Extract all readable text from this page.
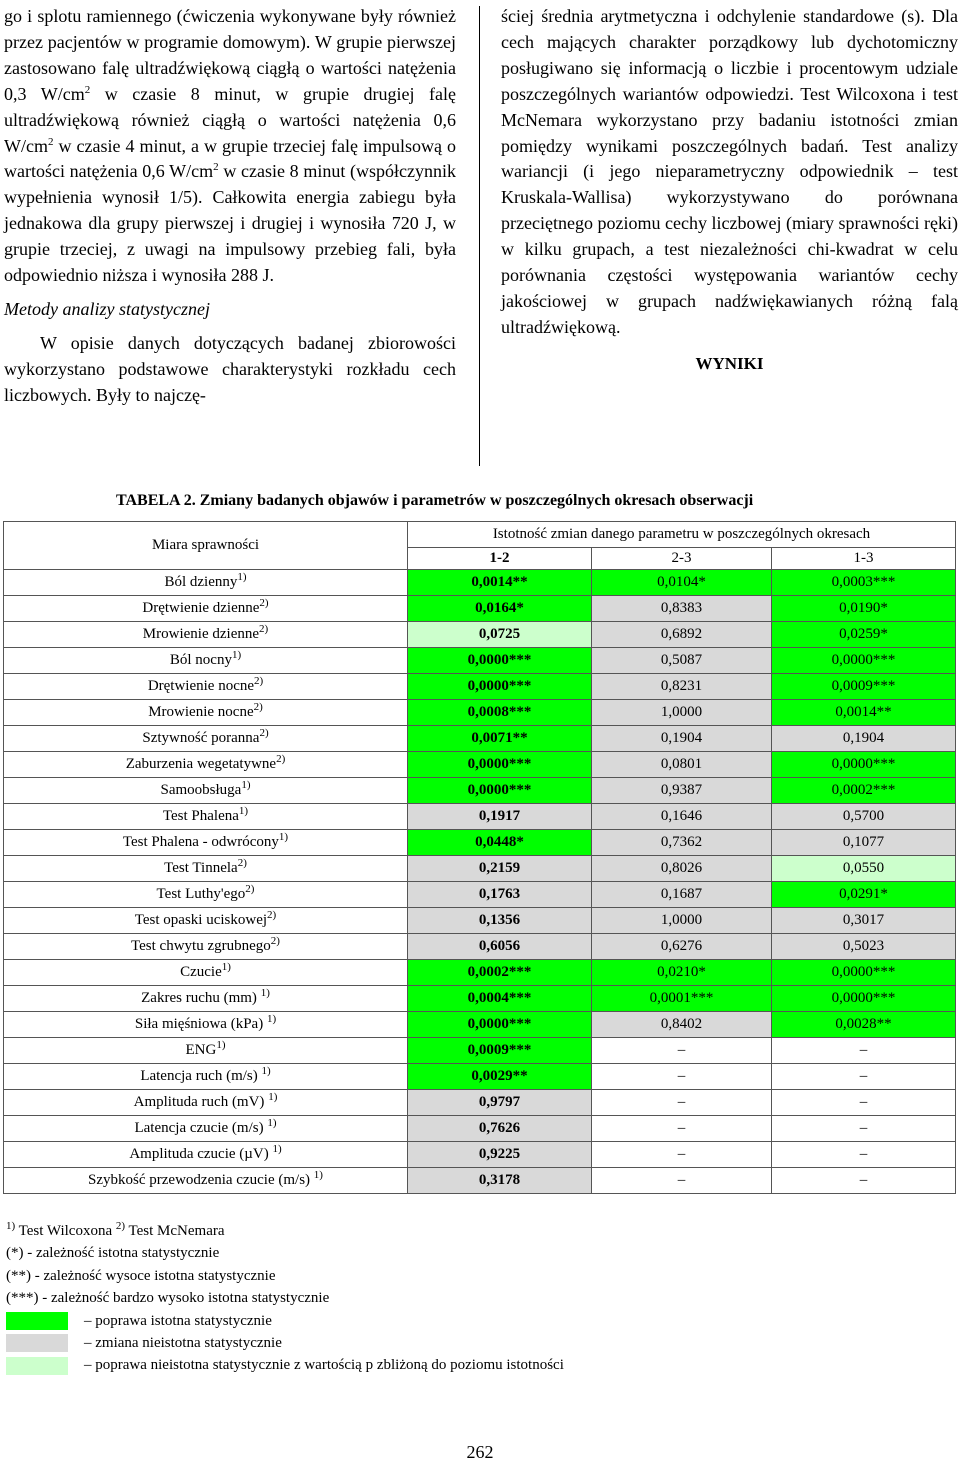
go i splotu ramiennego (ćwiczenia wykonywane były również przez pacjentów w programie domowym). W grupie pierwszej zastosowano falę ultradźwiękową ciągłą o wartości natężenia 0,3 $W/cm^2$ w czasie 8 minut, w grupie drugiej falę ultradźwiękową również ciągłą o wartości natężenia 0,6 $W/cm^2$ w czasie 4 minut, a w grupie trzeciej falę impulsową o wartości natężenia 0,6 $W/cm^2$ w czasie 8 minut (współczynnik wypełnienia wynosił 1/5). Całkowita energia zabiegu była jednakowa dla grupy pierwszej i drugiej i wynosiła 720 J, w grupie trzeciej, z uwagi na impulsowy przebieg fali, była odpowiednio niższa i wynosiła 288 J.

Metody analizy statystycznej

W opisie danych dotyczących badanej zbiorowości wykorzystano podstawowe charakterystyki rozkładu cech liczbowych. Były to najczę-

ściej średnia arytmetyczna i odchylenie standardowe (s). Dla cech mających charakter porządkowy lub dychotomiczny posługiwano się informacją o liczbie i procentowym udziale poszczególnych wariantów odpowiedzi. Test Wilcoxona i test McNemara wykorzystano przy badaniu istotności zmian pomiędzy wynikami poszczególnych badań. Test analizy wariancji (i jego nieparametryczny odpowiednik – test Kruskala-Wallisa) wykorzystywano do porównana przeciętnego poziomu cechy liczbowej (miary sprawności ręki) w kilku grupach, a test niezależności chi-kwadrat w celu porównania częstości występowania wariantów cechy jakościowej w grupach nadźwiękawianych różną falą ultradźwiękową.

WYNIKI

TABELA 2. Zmiany badanych objawów i parametrów w poszczególnych okresach obserwacji
Miara sprawności	Istotność zmian danego parametru w poszczególnych okresach		
	1-2	2-3	1-3
Ból dzienny$^{1)}$	0,0014**	0,0104*	0,0003***
Drętwienie dzienne$^{2)}$	0,0164*	0,8383	0,0190*
Mrowienie dzienne$^{2)}$	0,0725	0,6892	0,0259*
Ból nocny$^{1)}$	0,0000***	0,5087	0,0000***
Drętwienie nocne$^{2)}$	0,0000***	0,8231	0,0009***
Mrowienie nocne$^{2)}$	0,0008***	1,0000	0,0014**
Sztywność poranna$^{2)}$	0,0071**	0,1904	0,1904
Zaburzenia wegetatywne$^{2)}$	0,0000***	0,0801	0,0000***
Samoobsługa$^{1)}$	0,0000***	0,9387	0,0002***
Test Phalena$^{1)}$	0,1917	0,1646	0,5700
Test Phalena - odwrócony$^{1)}$	0,0448*	0,7362	0,1077
Test Tinnela$^{2)}$	0,2159	0,8026	0,0550
Test Luthy'ego$^{2)}$	0,1763	0,1687	0,0291*
Test opaski uciskowej$^{2)}$	0,1356	1,0000	0,3017
Test chwytu zgrubnego$^{2)}$	0,6056	0,6276	0,5023
Czucie$^{1)}$	0,0002***	0,0210*	0,0000***
Zakres ruchu (mm) $^{1)}$	0,0004***	0,0001***	0,0000***
Siła mięśniowa (kPa) $^{1)}$	0,0000***	0,8402	0,0028**
ENG$^{1)}$	0,0009***	–	–
Latencja ruch (m/s) $^{1)}$	0,0029**	–	–
Amplituda ruch (mV) $^{1)}$	0,9797	–	–
Latencja czucie (m/s) $^{1)}$	0,7626	–	–
Amplituda czucie (µV) $^{1)}$	0,9225	–	–
Szybkość przewodzenia czucie (m/s) $^{1)}$	0,3178	–	–
$^{1)}$ Test Wilcoxona $^{2)}$ Test McNemara
(*) - zależność istotna statystycznie
(**) - zależność wysoce istotna statystycznie
(***) - zależność bardzo wysoko istotna statystycznie
– poprawa istotna statystycznie
– zmiana nieistotna statystycznie
– poprawa nieistotna statystycznie z wartością p zbliżoną do poziomu istotności
262
